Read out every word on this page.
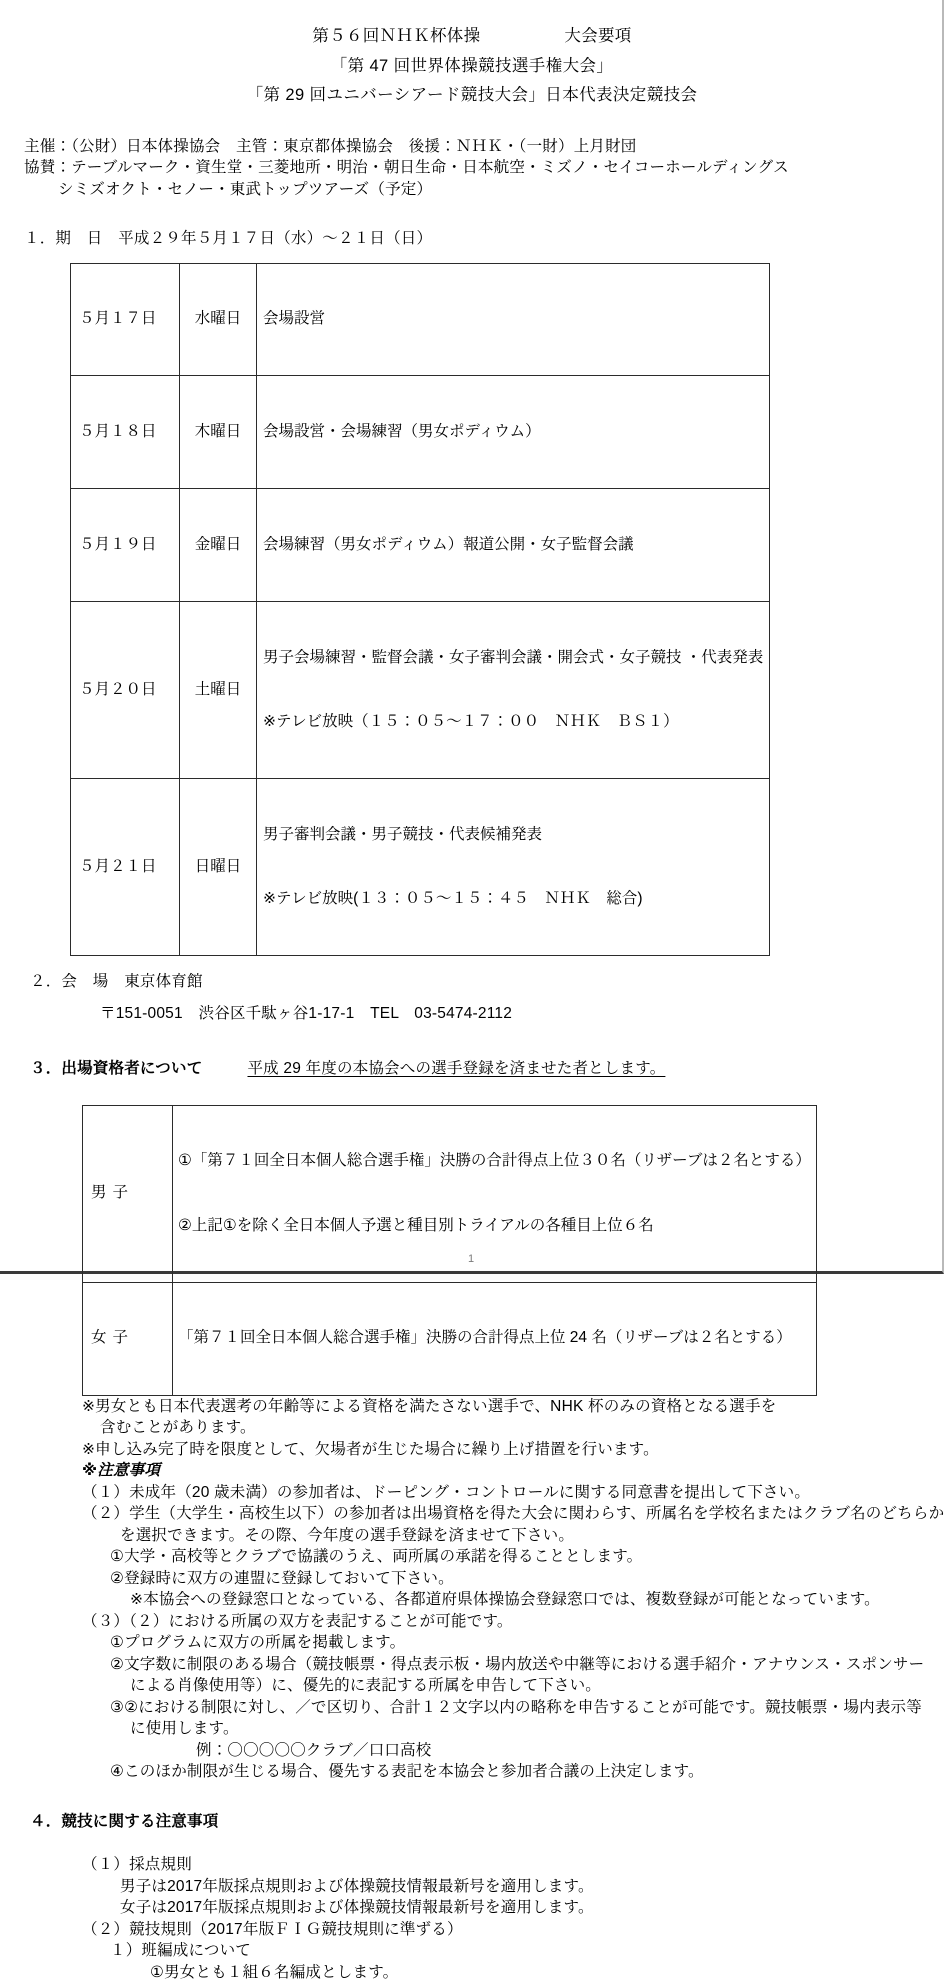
第５６回ＮＨＫ杯体操　　　　　大会要項
「第 47 回世界体操競技選手権大会」
「第 29 回ユニバーシアード競技大会」日本代表決定競技会
主催：（公財）日本体操協会　主管：東京都体操協会　後援：ＮＨＫ・（一財）上月財団
協賛：テーブルマーク・資生堂・三菱地所・明治・朝日生命・日本航空・ミズノ・セイコーホールディングス
シミズオクト・セノー・東武トップツアーズ（予定）
１．期　日　平成２９年５月１７日（水）〜２１日（日）
５月１７日	水曜日	会場設営

５月１８日	木曜日	会場設営・会場練習（男女ポディウム）

５月１９日	金曜日	会場練習（男女ポディウム）報道公開・女子監督会議

５月２０日	土曜日	男子会場練習・監督会議・女子審判会議・開会式・女子競技 ・代表発表

※テレビ放映（１５：０５〜１７：００　ＮＨＫ　ＢＳ１）

５月２１日	日曜日	男子審判会議・男子競技・代表候補発表

※テレビ放映(１３：０５〜１５：４５　ＮＨＫ　総合)

２．会　場　東京体育館
〒151-0051　渋谷区千駄ヶ谷1-17-1　TEL　03-5474-2112
３．出場資格者について	平成 29 年度の本協会への選手登録を済ませた者とします。
男子	①「第７１回全日本個人総合選手権」決勝の合計得点上位３０名（リザーブは２名とする）

②上記①を除く全日本個人予選と種目別トライアルの各種目上位６名

女子	「第７１回全日本個人総合選手権」決勝の合計得点上位 24 名（リザーブは２名とする）

※男女とも日本代表選考の年齢等による資格を満たさない選手で、NHK 杯のみの資格となる選手を
含むことがあります。
※申し込み完了時を限度として、欠場者が生じた場合に繰り上げ措置を行います。
※注意事項
（１）未成年（20 歳未満）の参加者は、ドーピング・コントロールに関する同意書を提出して下さい。
（２）学生（大学生・高校生以下）の参加者は出場資格を得た大会に関わらす、所属名を学校名またはクラブ名のどちらか
を選択できます。その際、今年度の選手登録を済ませて下さい。
①大学・高校等とクラブで協議のうえ、両所属の承諾を得ることとします。
②登録時に双方の連盟に登録しておいて下さい。
※本協会への登録窓口となっている、各都道府県体操協会登録窓口では、複数登録が可能となっています。
（３）（２）における所属の双方を表記することが可能です。
①プログラムに双方の所属を掲載します。
②文字数に制限のある場合（競技帳票・得点表示板・場内放送や中継等における選手紹介・アナウンス・スポンサー
による肖像使用等）に、優先的に表記する所属を申告して下さい。
③②における制限に対し、／で区切り、合計１２文字以内の略称を申告することが可能です。競技帳票・場内表示等
に使用します。
例：〇〇〇〇〇クラブ／口口高校
④このほか制限が生じる場合、優先する表記を本協会と参加者合議の上決定します。
４．競技に関する注意事項
（１）採点規則
男子は2017年版採点規則および体操競技情報最新号を適用します。
女子は2017年版採点規則および体操競技情報最新号を適用します。
（２）競技規則（2017年版ＦＩＧ競技規則に準ずる）
１）班編成について
①男女とも１組６名編成とします。
1
